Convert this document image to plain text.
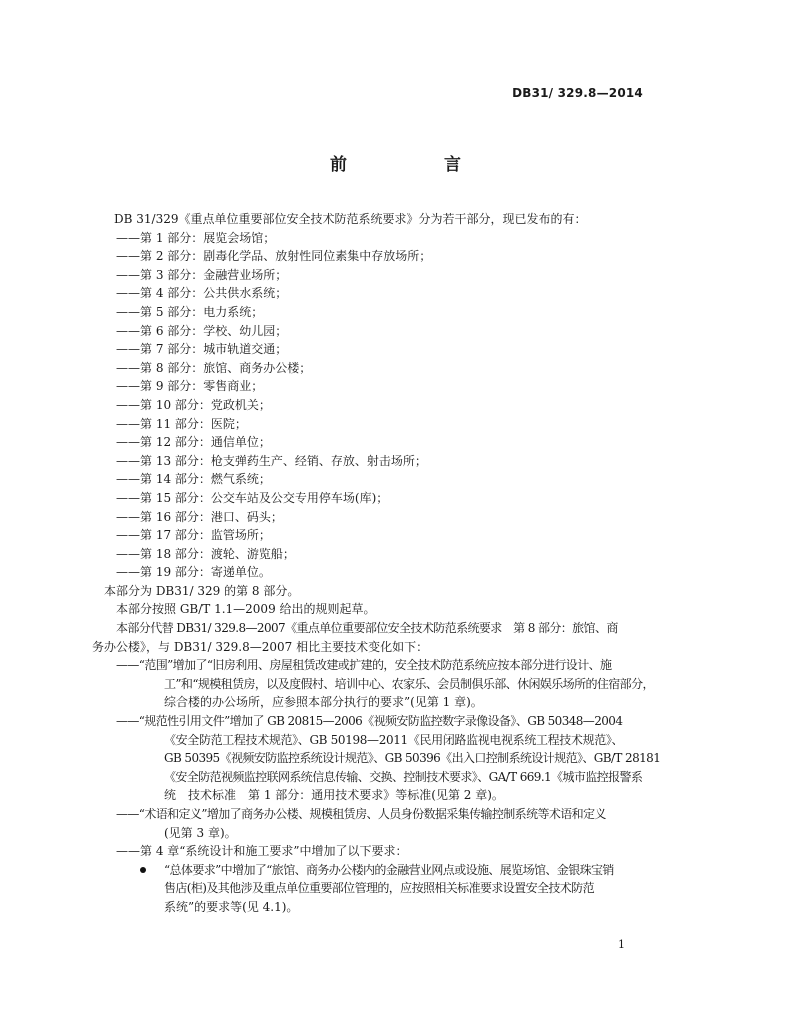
DB31/ 329.8—2014
前　言
DB 31/329《重点单位重要部位安全技术防范系统要求》分为若干部分，现已发布的有：
——第 1 部分：展览会场馆；
——第 2 部分：剧毒化学品、放射性同位素集中存放场所；
——第 3 部分：金融营业场所；
——第 4 部分：公共供水系统；
——第 5 部分：电力系统；
——第 6 部分：学校、幼儿园；
——第 7 部分：城市轨道交通；
——第 8 部分：旅馆、商务办公楼；
——第 9 部分：零售商业；
——第 10 部分：党政机关；
——第 11 部分：医院；
——第 12 部分：通信单位；
——第 13 部分：枪支弹药生产、经销、存放、射击场所；
——第 14 部分：燃气系统；
——第 15 部分：公交车站及公交专用停车场(库)；
——第 16 部分：港口、码头；
——第 17 部分：监管场所；
——第 18 部分：渡轮、游览船；
——第 19 部分：寄递单位。
本部分为 DB31/ 329 的第 8 部分。
本部分按照 GB/T 1.1—2009 给出的规则起草。
本部分代替 DB31/ 329.8—2007《重点单位重要部位安全技术防范系统要求　第 8 部分：旅馆、商
务办公楼》，与 DB31/ 329.8—2007 相比主要技术变化如下：
——“范围”增加了“旧房利用、房屋租赁改建或扩建的，安全技术防范系统应按本部分进行设计、施
工”和“规模租赁房，以及度假村、培训中心、农家乐、会员制俱乐部、休闲娱乐场所的住宿部分，
综合楼的办公场所，应参照本部分执行的要求”(见第 1 章)。
——“规范性引用文件”增加了 GB 20815—2006《视频安防监控数字录像设备》、GB 50348—2004
《安全防范工程技术规范》、GB 50198—2011《民用闭路监视电视系统工程技术规范》、
GB 50395《视频安防监控系统设计规范》、GB 50396《出入口控制系统设计规范》、GB/T 28181
《安全防范视频监控联网系统信息传输、交换、控制技术要求》、GA/T 669.1《城市监控报警系
统　技术标准　第 1 部分：通用技术要求》等标准(见第 2 章)。
——“术语和定义”增加了商务办公楼、规模租赁房、人员身份数据采集传输控制系统等术语和定义
(见第 3 章)。
——第 4 章“系统设计和施工要求”中增加了以下要求：
“总体要求”中增加了“旅馆、商务办公楼内的金融营业网点或设施、展览场馆、金银珠宝销
售店(柜)及其他涉及重点单位重要部位管理的，应按照相关标准要求设置安全技术防范
系统”的要求等(见 4.1)。
1
